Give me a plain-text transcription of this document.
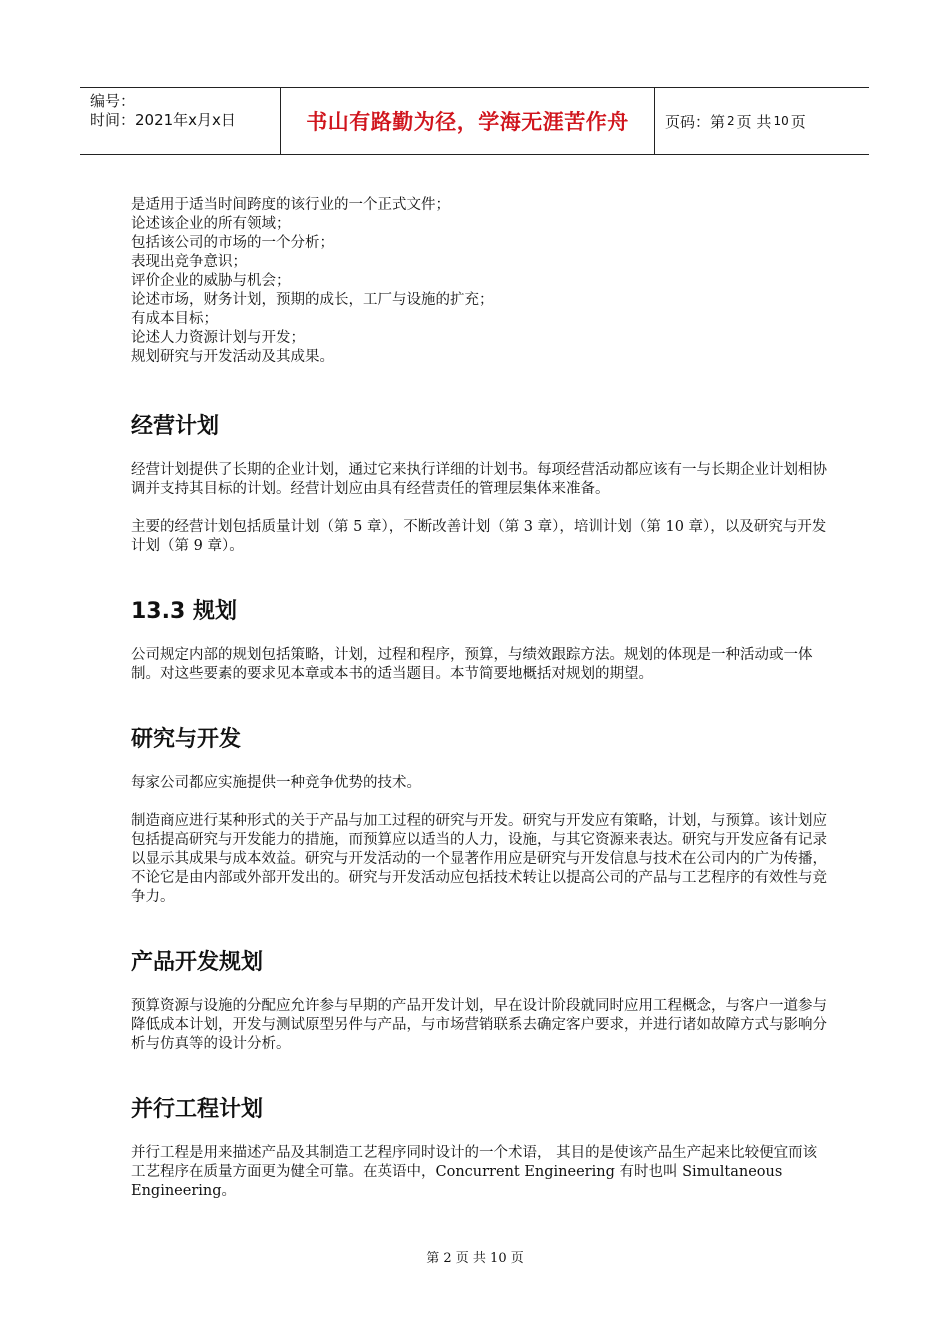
编号：
时间：2021年x月x日	书山有路勤为径，学海无涯苦作舟	页码：第 2 页 共 10 页
是适用于适当时间跨度的该行业的一个正式文件；
论述该企业的所有领域；
包括该公司的市场的一个分析；
表现出竞争意识；
评价企业的威胁与机会；
论述市场，财务计划，预期的成长，工厂与设施的扩充；
有成本目标；
论述人力资源计划与开发；
规划研究与开发活动及其成果。
经营计划
经营计划提供了长期的企业计划，通过它来执行详细的计划书。每项经营活动都应该有一与长期企业计划相协调并支持其目标的计划。经营计划应由具有经营责任的管理层集体来准备。
主要的经营计划包括质量计划（第 5 章），不断改善计划（第 3 章），培训计划（第 10 章），以及研究与开发计划（第 9 章）。
13.3 规划
公司规定内部的规划包括策略，计划，过程和程序，预算，与绩效跟踪方法。规划的体现是一种活动或一体制。对这些要素的要求见本章或本书的适当题目。本节简要地概括对规划的期望。
研究与开发
每家公司都应实施提供一种竞争优势的技术。
制造商应进行某种形式的关于产品与加工过程的研究与开发。研究与开发应有策略，计划，与预算。该计划应包括提高研究与开发能力的措施，而预算应以适当的人力，设施，与其它资源来表达。研究与开发应备有记录以显示其成果与成本效益。研究与开发活动的一个显著作用应是研究与开发信息与技术在公司内的广为传播，不论它是由内部或外部开发出的。研究与开发活动应包括技术转让以提高公司的产品与工艺程序的有效性与竞争力。
产品开发规划
预算资源与设施的分配应允许参与早期的产品开发计划，早在设计阶段就同时应用工程概念，与客户一道参与降低成本计划，开发与测试原型另件与产品，与市场营销联系去确定客户要求，并进行诸如故障方式与影响分析与仿真等的设计分析。
并行工程计划
并行工程是用来描述产品及其制造工艺程序同时设计的一个术语， 其目的是使该产品生产起来比较便宜而该工艺程序在质量方面更为健全可靠。在英语中，Concurrent Engineering 有时也叫 Simultaneous Engineering。
第 2 页 共 10 页
